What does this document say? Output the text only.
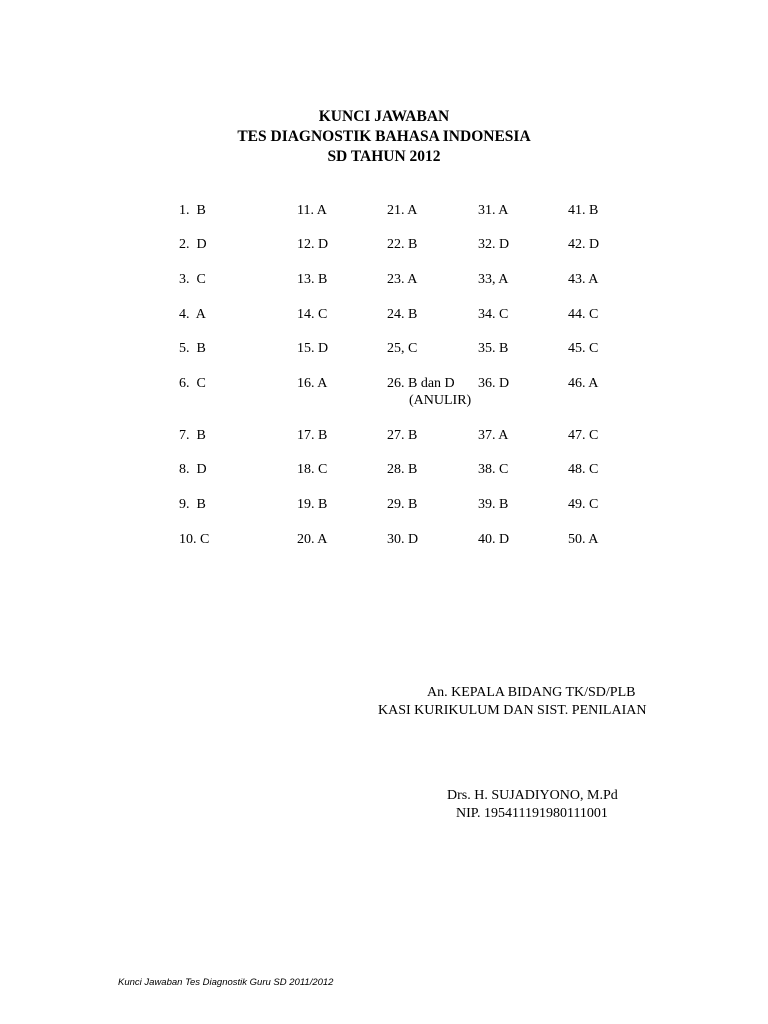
KUNCI JAWABAN
TES DIAGNOSTIK BAHASA INDONESIA
SD TAHUN 2012
1.  B
2.  D
3.  C
4.  A
5.  B
6.  C
7.  B
8.  D
9.  B
10. C
11. A
12. D
13. B
14. C
15. D
16. A
17. B
18. C
19. B
20. A
21. A
22. B
23. A
24. B
25, C
26. B dan D
27. B
28. B
29. B
30. D
31. A
32. D
33, A
34. C
35. B
36. D
37. A
38. C
39. B
40. D
41. B
42. D
43. A
44. C
45. C
46. A
47. C
48. C
49. C
50. A
(ANULIR)
An. KEPALA BIDANG TK/SD/PLB
KASI KURIKULUM DAN SIST. PENILAIAN
Drs. H. SUJADIYONO, M.Pd
NIP. 195411191980111001
Kunci Jawaban Tes Diagnostik Guru SD 2011/2012
